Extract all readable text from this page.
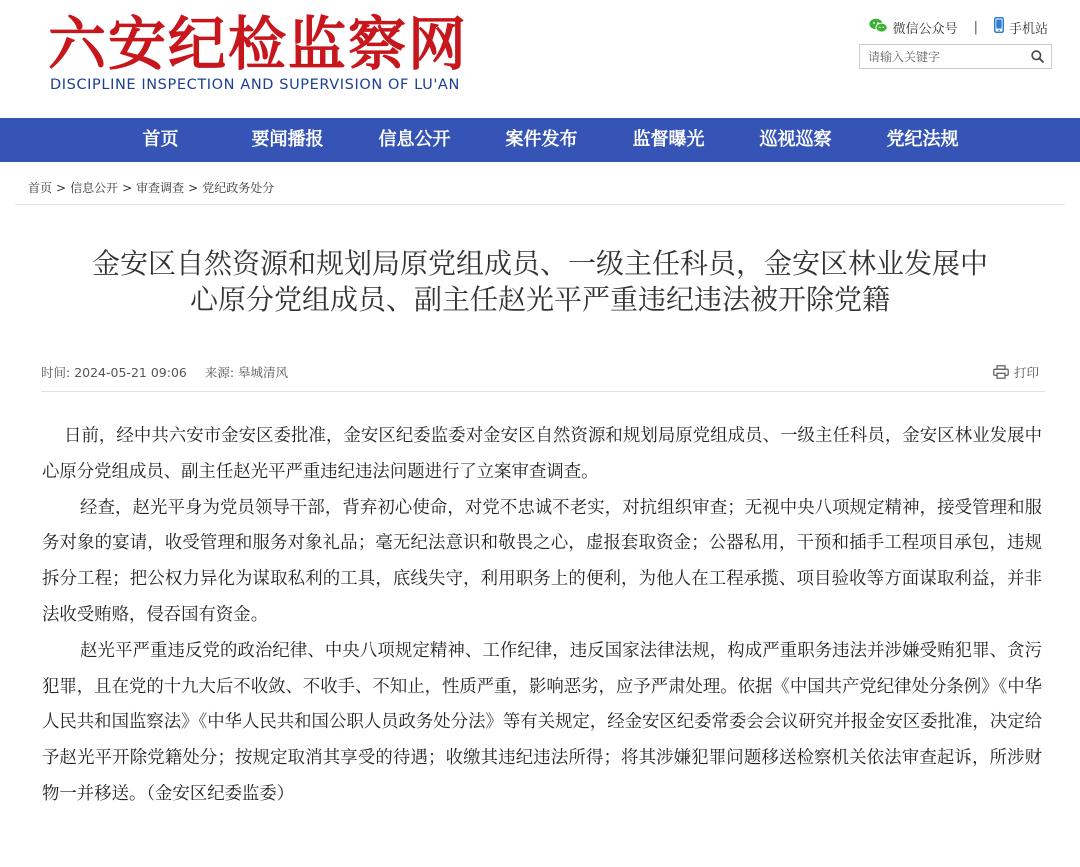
六安纪检监察网

DISCIPLINE INSPECTION AND SUPERVISION OF LU'AN

微信公众号 | 手机站
请输入关键字
首页	要闻播报	信息公开	案件发布	监督曝光	巡视巡察	党纪法规
首页 > 信息公开 > 审查调查 > 党纪政务处分
金安区自然资源和规划局原党组成员、一级主任科员，金安区林业发展中
心原分党组成员、副主任赵光平严重违纪违法被开除党籍
时间: 2024-05-21 09:06 来源: 皋城清风	打印

日前，经中共六安市金安区委批准，金安区纪委监委对金安区自然资源和规划局原党组成员、一级主任科员，金安区林业发展中心原分党组成员、副主任赵光平严重违纪违法问题进行了立案审查调查。

经查，赵光平身为党员领导干部，背弃初心使命，对党不忠诚不老实，对抗组织审查；无视中央八项规定精神，接受管理和服务对象的宴请，收受管理和服务对象礼品；毫无纪法意识和敬畏之心，虚报套取资金；公器私用，干预和插手工程项目承包，违规拆分工程；把公权力异化为谋取私利的工具，底线失守，利用职务上的便利，为他人在工程承揽、项目验收等方面谋取利益，并非法收受贿赂，侵吞国有资金。

赵光平严重违反党的政治纪律、中央八项规定精神、工作纪律，违反国家法律法规，构成严重职务违法并涉嫌受贿犯罪、贪污犯罪，且在党的十九大后不收敛、不收手、不知止，性质严重，影响恶劣，应予严肃处理。依据《中国共产党纪律处分条例》《中华人民共和国监察法》《中华人民共和国公职人员政务处分法》等有关规定，经金安区纪委常委会会议研究并报金安区委批准，决定给予赵光平开除党籍处分；按规定取消其享受的待遇；收缴其违纪违法所得；将其涉嫌犯罪问题移送检察机关依法审查起诉，所涉财物一并移送。（金安区纪委监委）
